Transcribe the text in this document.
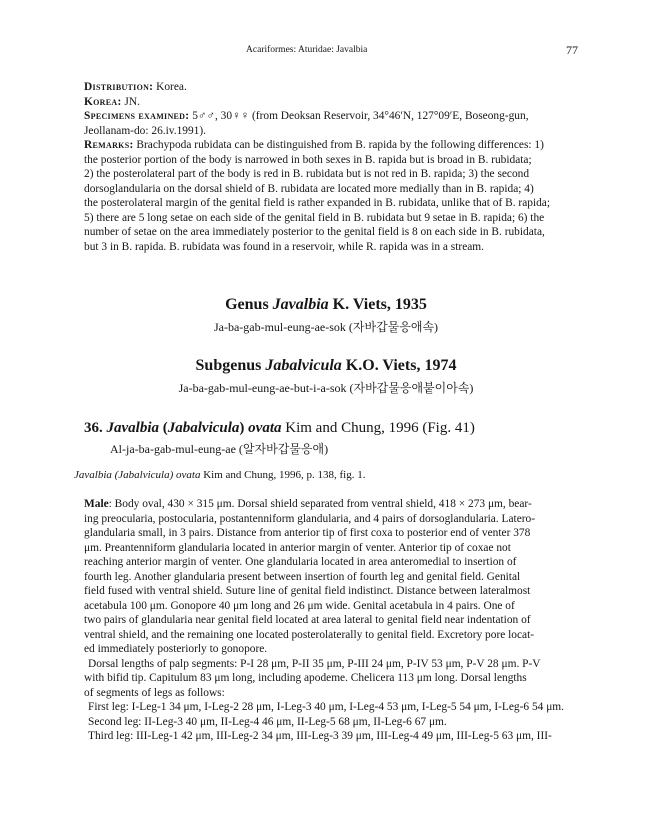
Acariformes: Aturidae: Javalbia	77
Distribution: Korea.
Korea: JN.
Specimens examined: 5♂♂, 30♀♀ (from Deoksan Reservoir, 34°46′N, 127°09′E, Boseong-gun,
Jeollanam-do: 26.iv.1991).
Remarks: Brachypoda rubidata can be distinguished from B. rapida by the following differences: 1)
the posterior portion of the body is narrowed in both sexes in B. rapida but is broad in B. rubidata;
2) the posterolateral part of the body is red in B. rubidata but is not red in B. rapida; 3) the second
dorsoglandularia on the dorsal shield of B. rubidata are located more medially than in B. rapida; 4)
the posterolateral margin of the genital field is rather expanded in B. rubidata, unlike that of B. rapida;
5) there are 5 long setae on each side of the genital field in B. rubidata but 9 setae in B. rapida; 6) the
number of setae on the area immediately posterior to the genital field is 8 on each side in B. rubidata,
but 3 in B. rapida. B. rubidata was found in a reservoir, while R. rapida was in a stream.
Genus Javalbia K. Viets, 1935
Ja-ba-gab-mul-eung-ae-sok (자바갑물응애속)
Subgenus Jabalvicula K.O. Viets, 1974
Ja-ba-gab-mul-eung-ae-but-i-a-sok (자바갑물응애붙이아속)
36. Javalbia (Jabalvicula) ovata Kim and Chung, 1996 (Fig. 41)
Al-ja-ba-gab-mul-eung-ae (알자바갑물응애)
Javalbia (Jabalvicula) ovata Kim and Chung, 1996, p. 138, fig. 1.
Male: Body oval, 430 × 315 μm. Dorsal shield separated from ventral shield, 418 × 273 μm, bear-
ing preocularia, postocularia, postantenniform glandularia, and 4 pairs of dorsoglandularia. Latero-
glandularia small, in 3 pairs. Distance from anterior tip of first coxa to posterior end of venter 378
μm. Preantenniform glandularia located in anterior margin of venter. Anterior tip of coxae not
reaching anterior margin of venter. One glandularia located in area anteromedial to insertion of
fourth leg. Another glandularia present between insertion of fourth leg and genital field. Genital
field fused with ventral shield. Suture line of genital field indistinct. Distance between lateralmost
acetabula 100 μm. Gonopore 40 μm long and 26 μm wide. Genital acetabula in 4 pairs. One of
two pairs of glandularia near genital field located at area lateral to genital field near indentation of
ventral shield, and the remaining one located posterolaterally to genital field. Excretory pore locat-
ed immediately posteriorly to gonopore.
Dorsal lengths of palp segments: P-I 28 μm, P-II 35 μm, P-III 24 μm, P-IV 53 μm, P-V 28 μm. P-V
with bifid tip. Capitulum 83 μm long, including apodeme. Chelicera 113 μm long. Dorsal lengths
of segments of legs as follows:
First leg: I-Leg-1 34 μm, I-Leg-2 28 μm, I-Leg-3 40 μm, I-Leg-4 53 μm, I-Leg-5 54 μm, I-Leg-6 54 μm.
Second leg: II-Leg-3 40 μm, II-Leg-4 46 μm, II-Leg-5 68 μm, II-Leg-6 67 μm.
Third leg: III-Leg-1 42 μm, III-Leg-2 34 μm, III-Leg-3 39 μm, III-Leg-4 49 μm, III-Leg-5 63 μm, III-
